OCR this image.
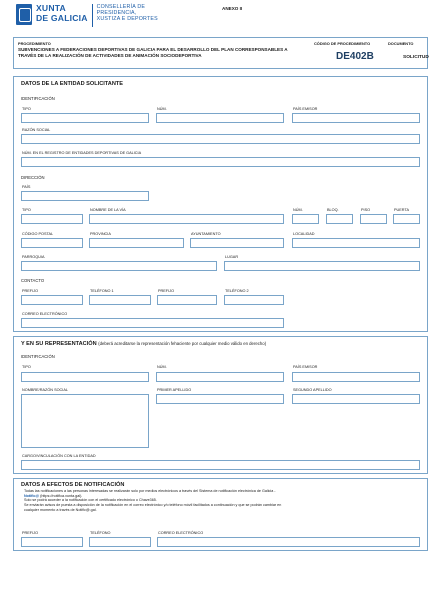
XUNTA
DE GALICIA
CONSELLERÍA DE
PRESIDENCIA,
XUSTIZA E DEPORTES
ANEXO II
PROCEDIMIENTO
SUBVENCIONES A FEDERACIONES DEPORTIVAS DE GALICIA PARA EL DESARROLLO DEL PLAN CORRESPONSABLES A TRAVÉS DE LA REALIZACIÓN DE ACTIVIDADES DE ANIMACIÓN SOCIODEPORTIVA
CÓDIGO DE PROCEDIMIENTO
DE402B
DOCUMENTO
SOLICITUD
DATOS DE LA ENTIDAD SOLICITANTE
IDENTIFICACIÓN
TIPO	NÚM.	PAÍS EMISOR
RAZÓN SOCIAL
NÚM. EN EL REGISTRO DE ENTIDADES DEPORTIVAS DE GALICIA
DIRECCIÓN
PAÍS
TIPO	NOMBRE DE LA VÍA	NÚM.	BLOQ.	PISO	PUERTA
CÓDIGO POSTAL	PROVINCIA	AYUNTAMIENTO	LOCALIDAD
PARROQUIA	LUGAR
CONTACTO
PREFIJO	TELÉFONO 1	PREFIJO	TELÉFONO 2
CORREO ELECTRÓNICO
Y EN SU REPRESENTACIÓN (deberá acreditarse la representación fehaciente por cualquier medio válido en derecho)
IDENTIFICACIÓN
TIPO	NÚM.	PAÍS EMISOR
NOMBRE/RAZÓN SOCIAL	PRIMER APELLIDO	SEGUNDO APELLIDO
CARGO/VINCULACIÓN CON LA ENTIDAD
DATOS A EFECTOS DE NOTIFICACIÓN
Todas las notificaciones a las personas interesadas se realizarán solo por medios electrónicos a través del Sistema de notificación electrónica de Galicia -
Notific@ (https://notifica.xunta.gal).
Solo se podrá acceder a la notificación con el certificado electrónico o Chave365.
Se enviarán avisos de puesta a disposición de la notificación en el correo electrónico y/o teléfono móvil facilitados a continuación y que se podrán cambiar en
cualquier momento a través de Notific@.gal.
PREFIJO	TELÉFONO	CORREO ELECTRÓNICO
